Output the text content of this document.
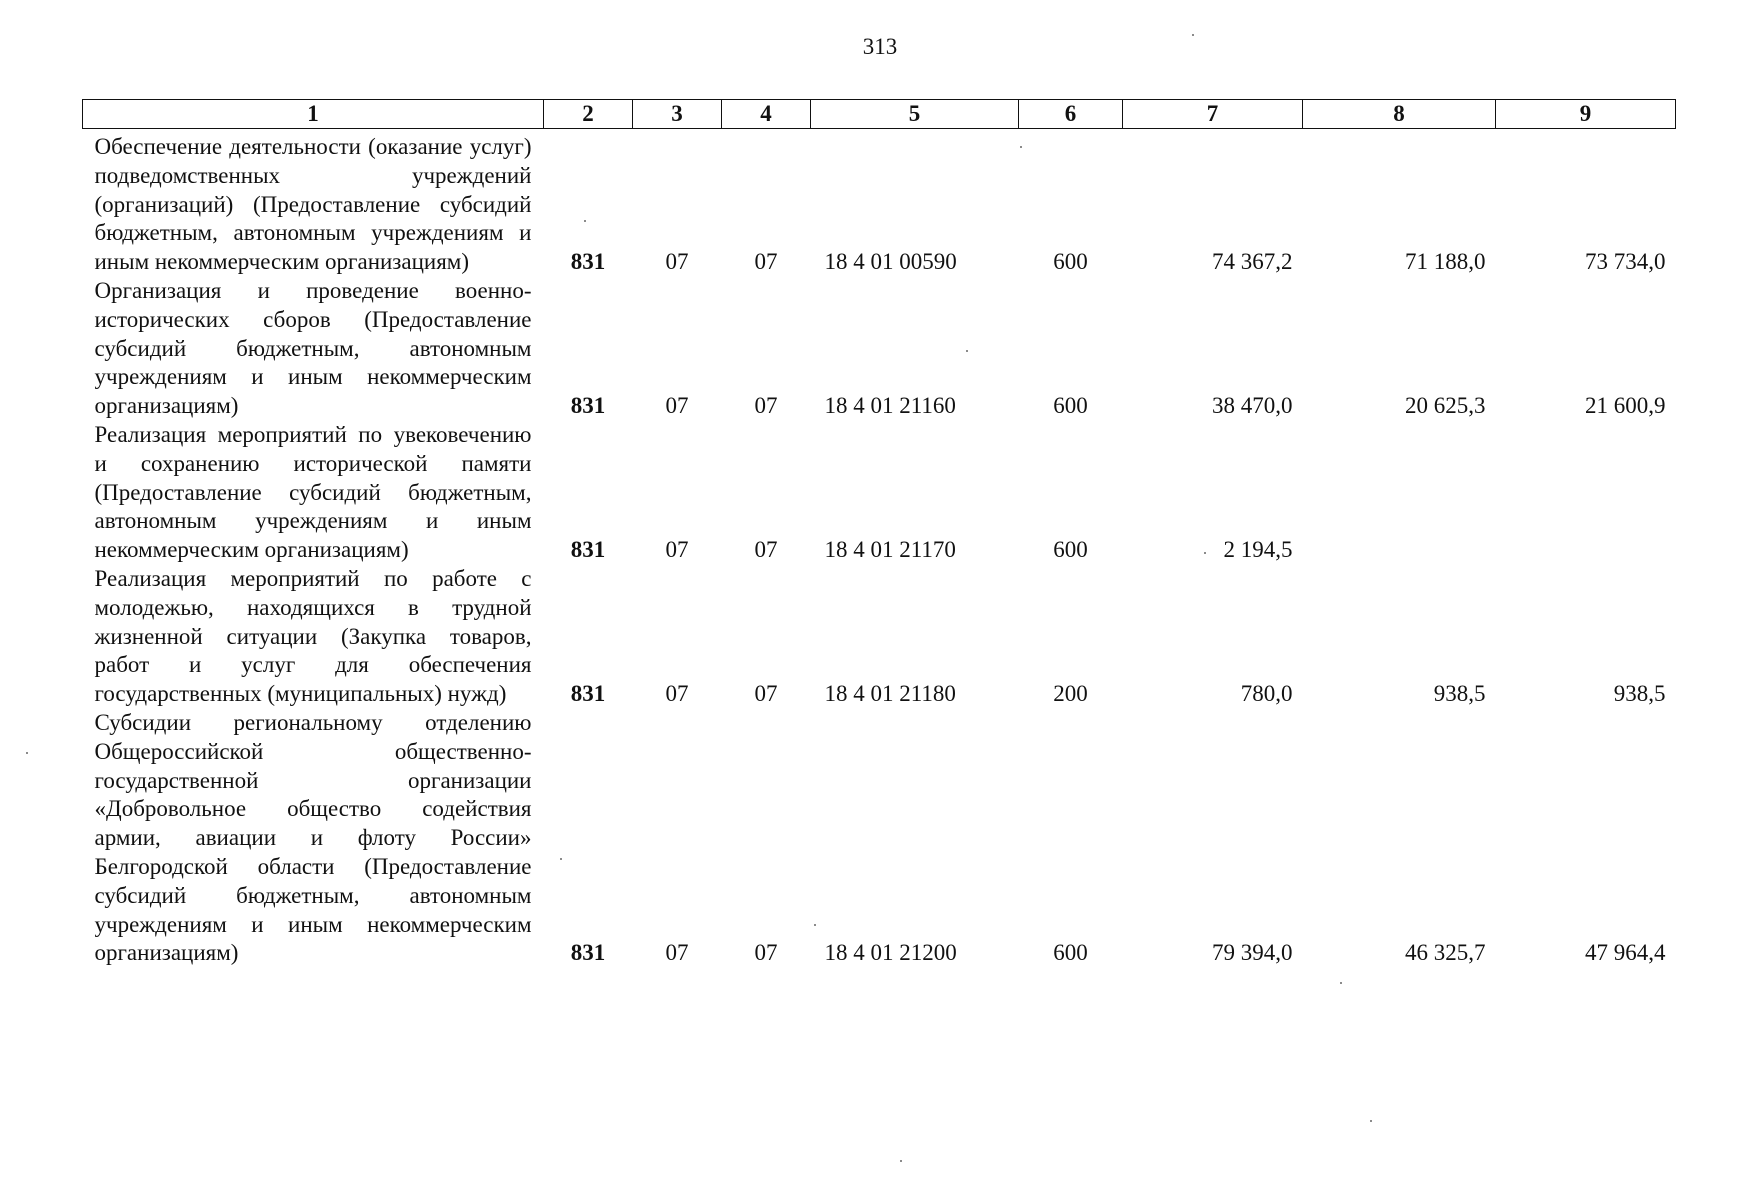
313
1	2	3	4	5	6	7	8	9

Обеспечение деятельности (оказание услуг) подведомственных учреждений (организаций) (Предоставление субсидий бюджетным, автономным учреждениям и иным некоммерческим организациям)	831	07	07	18 4 01 00590	600	74 367,2	71 188,0	73 734,0

Организация и проведение военно-исторических сборов (Предоставление субсидий бюджетным, автономным учреждениям и иным некоммерческим организациям)	831	07	07	18 4 01 21160	600	38 470,0	20 625,3	21 600,9

Реализация мероприятий по увековечению и сохранению исторической памяти (Предоставление субсидий бюджетным, автономным учреждениям и иным некоммерческим организациям)	831	07	07	18 4 01 21170	600	2 194,5		

Реализация мероприятий по работе с молодежью, находящихся в трудной жизненной ситуации (Закупка товаров, работ и услуг для обеспечения государственных (муниципальных) нужд)	831	07	07	18 4 01 21180	200	780,0	938,5	938,5

Субсидии региональному отделению Общероссийской общественно-государственной организации «Добровольное общество содействия армии, авиации и флоту России» Белгородской области (Предоставление субсидий бюджетным, автономным учреждениям и иным некоммерческим организациям)	831	07	07	18 4 01 21200	600	79 394,0	46 325,7	47 964,4
